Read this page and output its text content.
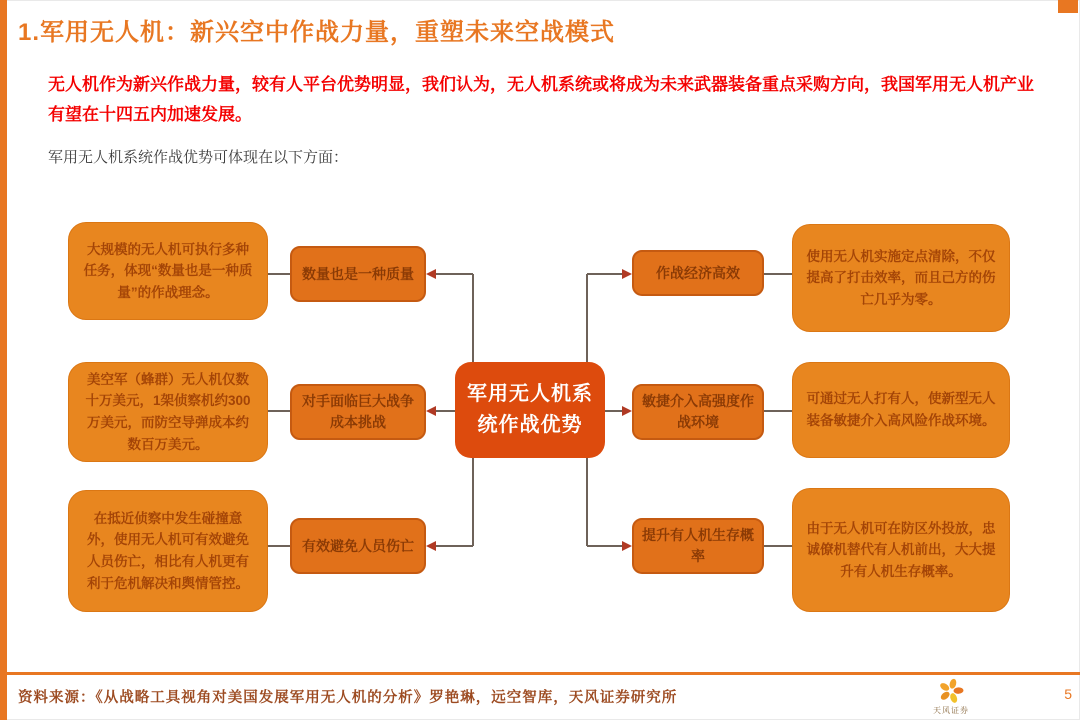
1.军用无人机：新兴空中作战力量，重塑未来空战模式

无人机作为新兴作战力量，较有人平台优势明显，我们认为，无人机系统或将成为未来武器装备重点采购方向，我国军用无人机产业有望在十四五内加速发展。

军用无人机系统作战优势可体现在以下方面：

大规模的无人机可执行多种任务，体现“数量也是一种质量”的作战理念。
美空军（蜂群）无人机仅数十万美元，1架侦察机约300万美元，而防空导弹成本约数百万美元。
在抵近侦察中发生碰撞意外，使用无人机可有效避免人员伤亡，相比有人机更有利于危机解决和舆情管控。
数量也是一种质量
对手面临巨大战争成本挑战
有效避免人员伤亡
军用无人机系统作战优势
作战经济高效
敏捷介入高强度作战环境
提升有人机生存概率
使用无人机实施定点清除，不仅提高了打击效率，而且己方的伤亡几乎为零。
可通过无人打有人，使新型无人装备敏捷介入高风险作战环境。
由于无人机可在防区外投放，忠诚僚机替代有人机前出，大大提升有人机生存概率。
资料来源：《从战略工具视角对美国发展军用无人机的分析》罗艳琳，远空智库，天风证券研究所
天风证券
5
